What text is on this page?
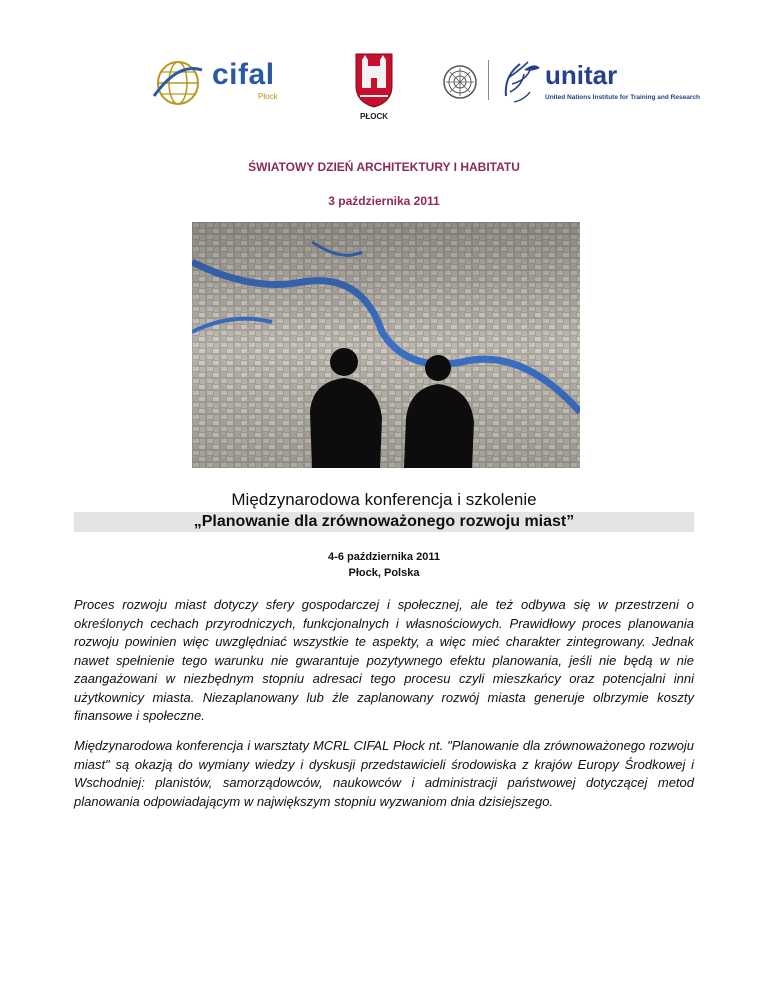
cifal
Płock
PŁOCK
unitar
United Nations Institute for Training and Research
ŚWIATOWY DZIEŃ ARCHITEKTURY I HABITATU
3 października 2011
Międzynarodowa konferencja i szkolenie
„Planowanie dla zrównoważonego rozwoju miast”
4-6 października 2011
Płock, Polska

Proces rozwoju miast dotyczy sfery gospodarczej i społecznej, ale też odbywa się w przestrzeni o określonych cechach przyrodniczych, funkcjonalnych i własnościowych. Prawidłowy proces planowania rozwoju powinien więc uwzględniać wszystkie te aspekty, a więc mieć charakter zintegrowany. Jednak nawet spełnienie tego warunku nie gwarantuje pozytywnego efektu planowania, jeśli nie będą w nie zaangażowani w niezbędnym stopniu adresaci tego procesu czyli mieszkańcy oraz potencjalni inni użytkownicy miasta. Niezaplanowany lub źle zaplanowany rozwój miasta generuje olbrzymie koszty finansowe i społeczne.

Międzynarodowa konferencja i warsztaty MCRL CIFAL Płock nt. "Planowanie dla zrównoważonego rozwoju miast" są okazją do wymiany wiedzy i dyskusji przedstawicieli środowiska z krajów Europy Środkowej i Wschodniej: planistów, samorządowców, naukowców i administracji państwowej dotyczącej metod planowania odpowiadającym w największym stopniu wyzwaniom dnia dzisiejszego.
